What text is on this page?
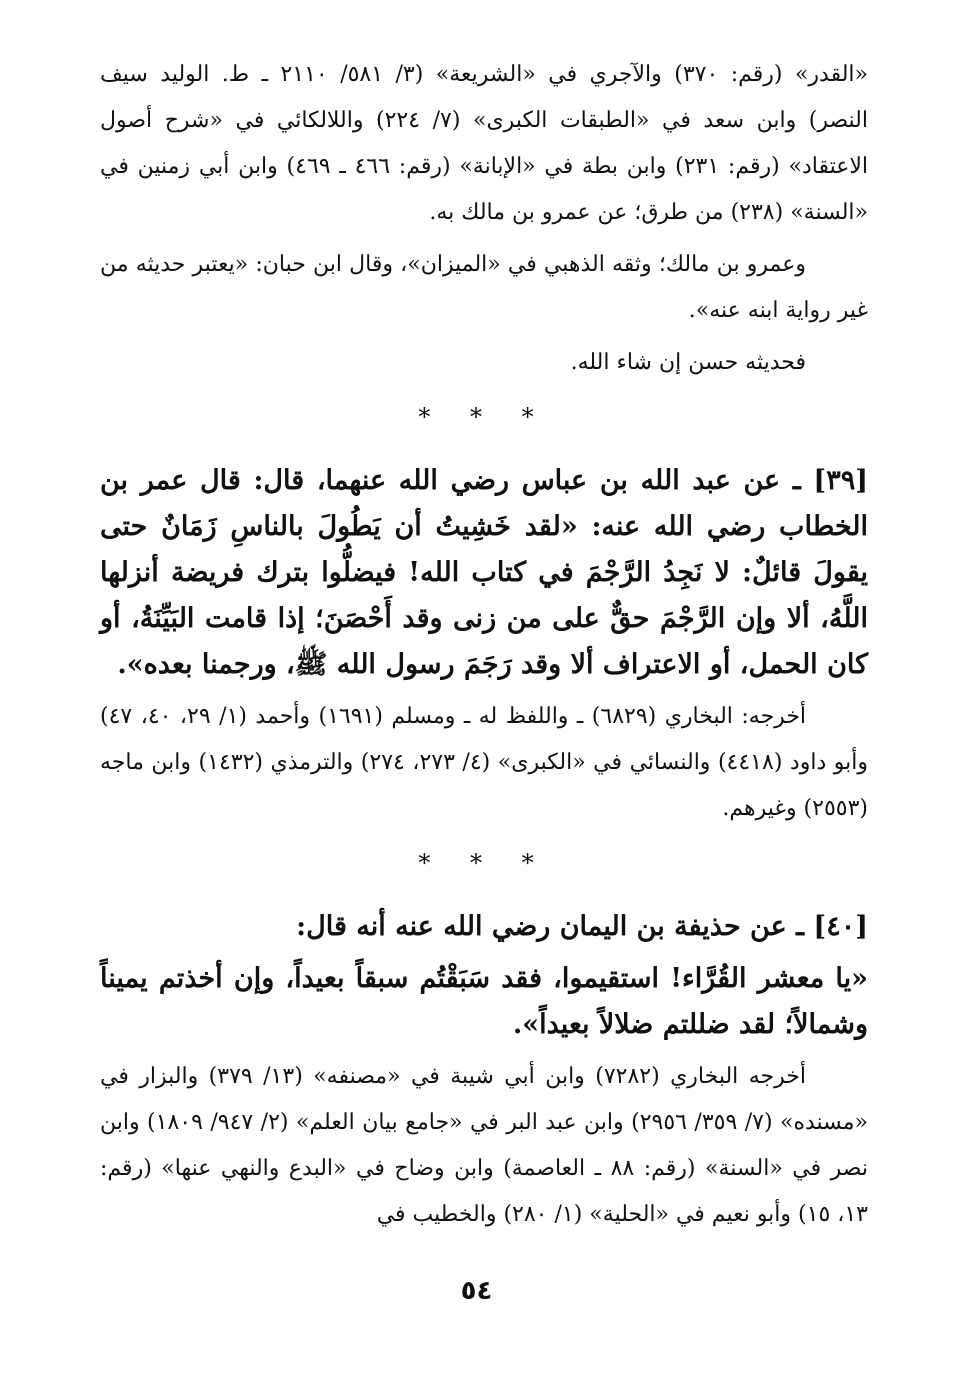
«القدر» (رقم: ٣٧٠) والآجري في «الشريعة» (٣/ ٥٨١/ ٢١١٠ ـ ط. الوليد سيف النصر) وابن سعد في «الطبقات الكبرى» (٧/ ٢٢٤) واللالكائي في «شرح أصول الاعتقاد» (رقم: ٢٣١) وابن بطة في «الإبانة» (رقم: ٤٦٦ ـ ٤٦٩) وابن أبي زمنين في «السنة» (٢٣٨) من طرق؛ عن عمرو بن مالك به.

وعمرو بن مالك؛ وثقه الذهبي في «الميزان»، وقال ابن حبان: «يعتبر حديثه من غير رواية ابنه عنه».

فحديثه حسن إن شاء الله.

* * *

[٣٩] ـ عن عبد الله بن عباس رضي الله عنهما، قال: قال عمر بن الخطاب رضي الله عنه: «لقد خَشِيتُ أن يَطُولَ بالناسِ زَمَانٌ حتى يقولَ قائلٌ: لا نَجِدُ الرَّجْمَ في كتاب الله! فيضلُّوا بترك فريضة أنزلها اللَّهُ، ألا وإن الرَّجْمَ حقٌّ على من زنى وقد أَحْصَنَ؛ إذا قامت البَيِّنَةُ، أو كان الحمل، أو الاعتراف ألا وقد رَجَمَ رسول الله ﷺ، ورجمنا بعده».

أخرجه: البخاري (٦٨٢٩) ـ واللفظ له ـ ومسلم (١٦٩١) وأحمد (١/ ٢٩، ٤٠، ٤٧) وأبو داود (٤٤١٨) والنسائي في «الكبرى» (٤/ ٢٧٣، ٢٧٤) والترمذي (١٤٣٢) وابن ماجه (٢٥٥٣) وغيرهم.

* * *

[٤٠] ـ عن حذيفة بن اليمان رضي الله عنه أنه قال:

«يا معشر القُرَّاء! استقيموا، فقد سَبَقْتُم سبقاً بعيداً، وإن أخذتم يميناً وشمالاً؛ لقد ضللتم ضلالاً بعيداً».

أخرجه البخاري (٧٢٨٢) وابن أبي شيبة في «مصنفه» (١٣/ ٣٧٩) والبزار في «مسنده» (٧/ ٣٥٩/ ٢٩٥٦) وابن عبد البر في «جامع بيان العلم» (٢/ ٩٤٧/ ١٨٠٩) وابن نصر في «السنة» (رقم: ٨٨ ـ العاصمة) وابن وضاح في «البدع والنهي عنها» (رقم: ١٣، ١٥) وأبو نعيم في «الحلية» (١/ ٢٨٠) والخطيب في

٥٤
